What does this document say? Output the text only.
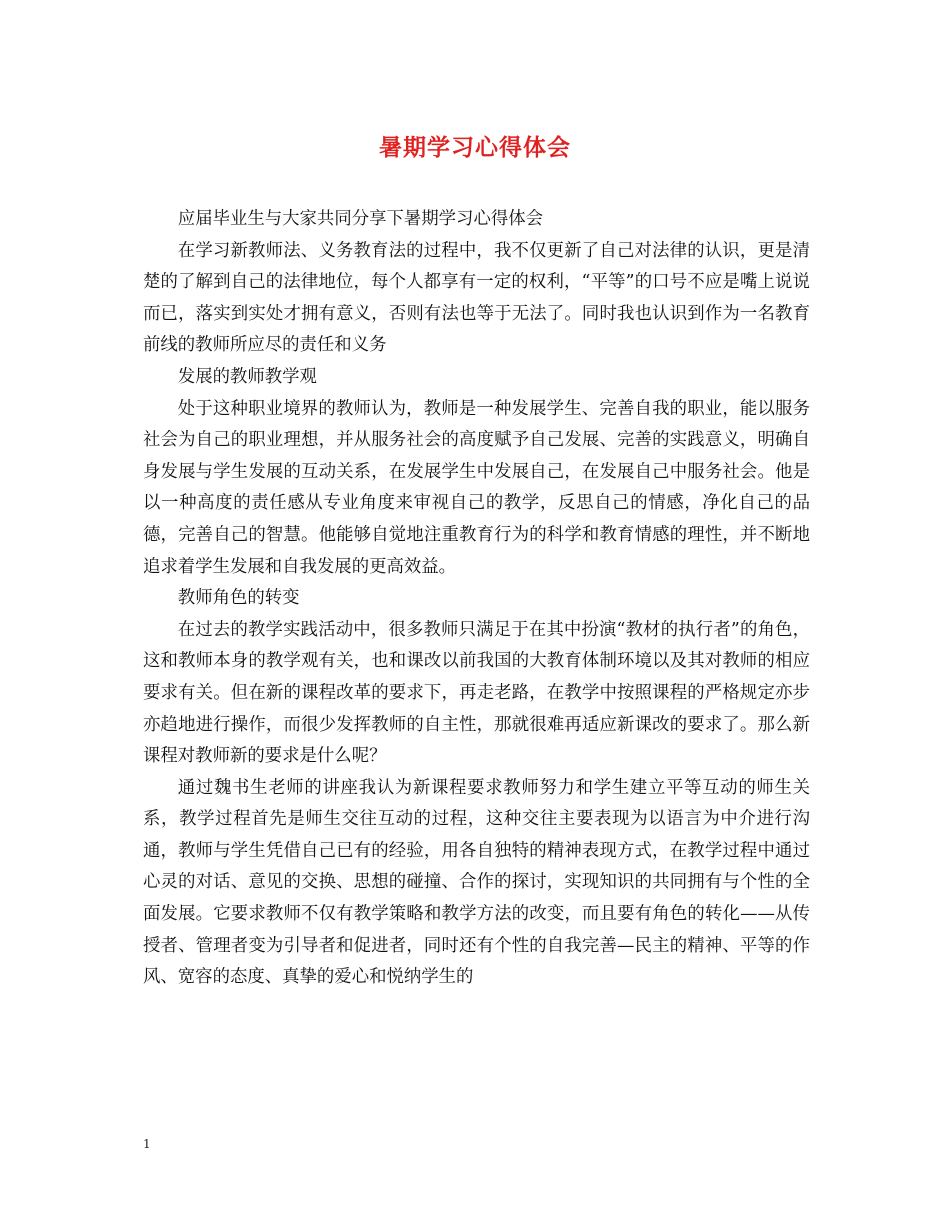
暑期学习心得体会

应届毕业生与大家共同分享下暑期学习心得体会

在学习新教师法、义务教育法的过程中，我不仅更新了自己对法律的认识，更是清楚的了解到自己的法律地位，每个人都享有一定的权利，“平等”的口号不应是嘴上说说而已，落实到实处才拥有意义，否则有法也等于无法了。同时我也认识到作为一名教育前线的教师所应尽的责任和义务

发展的教师教学观

处于这种职业境界的教师认为，教师是一种发展学生、完善自我的职业，能以服务社会为自己的职业理想，并从服务社会的高度赋予自己发展、完善的实践意义，明确自身发展与学生发展的互动关系，在发展学生中发展自己，在发展自己中服务社会。他是以一种高度的责任感从专业角度来审视自己的教学，反思自己的情感，净化自己的品德，完善自己的智慧。他能够自觉地注重教育行为的科学和教育情感的理性，并不断地追求着学生发展和自我发展的更高效益。

教师角色的转变

在过去的教学实践活动中，很多教师只满足于在其中扮演“教材的执行者”的角色，这和教师本身的教学观有关，也和课改以前我国的大教育体制环境以及其对教师的相应要求有关。但在新的课程改革的要求下，再走老路，在教学中按照课程的严格规定亦步亦趋地进行操作，而很少发挥教师的自主性，那就很难再适应新课改的要求了。那么新课程对教师新的要求是什么呢？

通过魏书生老师的讲座我认为新课程要求教师努力和学生建立平等互动的师生关系，教学过程首先是师生交往互动的过程，这种交往主要表现为以语言为中介进行沟通，教师与学生凭借自己已有的经验，用各自独特的精神表现方式，在教学过程中通过心灵的对话、意见的交换、思想的碰撞、合作的探讨，实现知识的共同拥有与个性的全面发展。它要求教师不仅有教学策略和教学方法的改变，而且要有角色的转化——从传授者、管理者变为引导者和促进者，同时还有个性的自我完善—民主的精神、平等的作风、宽容的态度、真挚的爱心和悦纳学生的

1
